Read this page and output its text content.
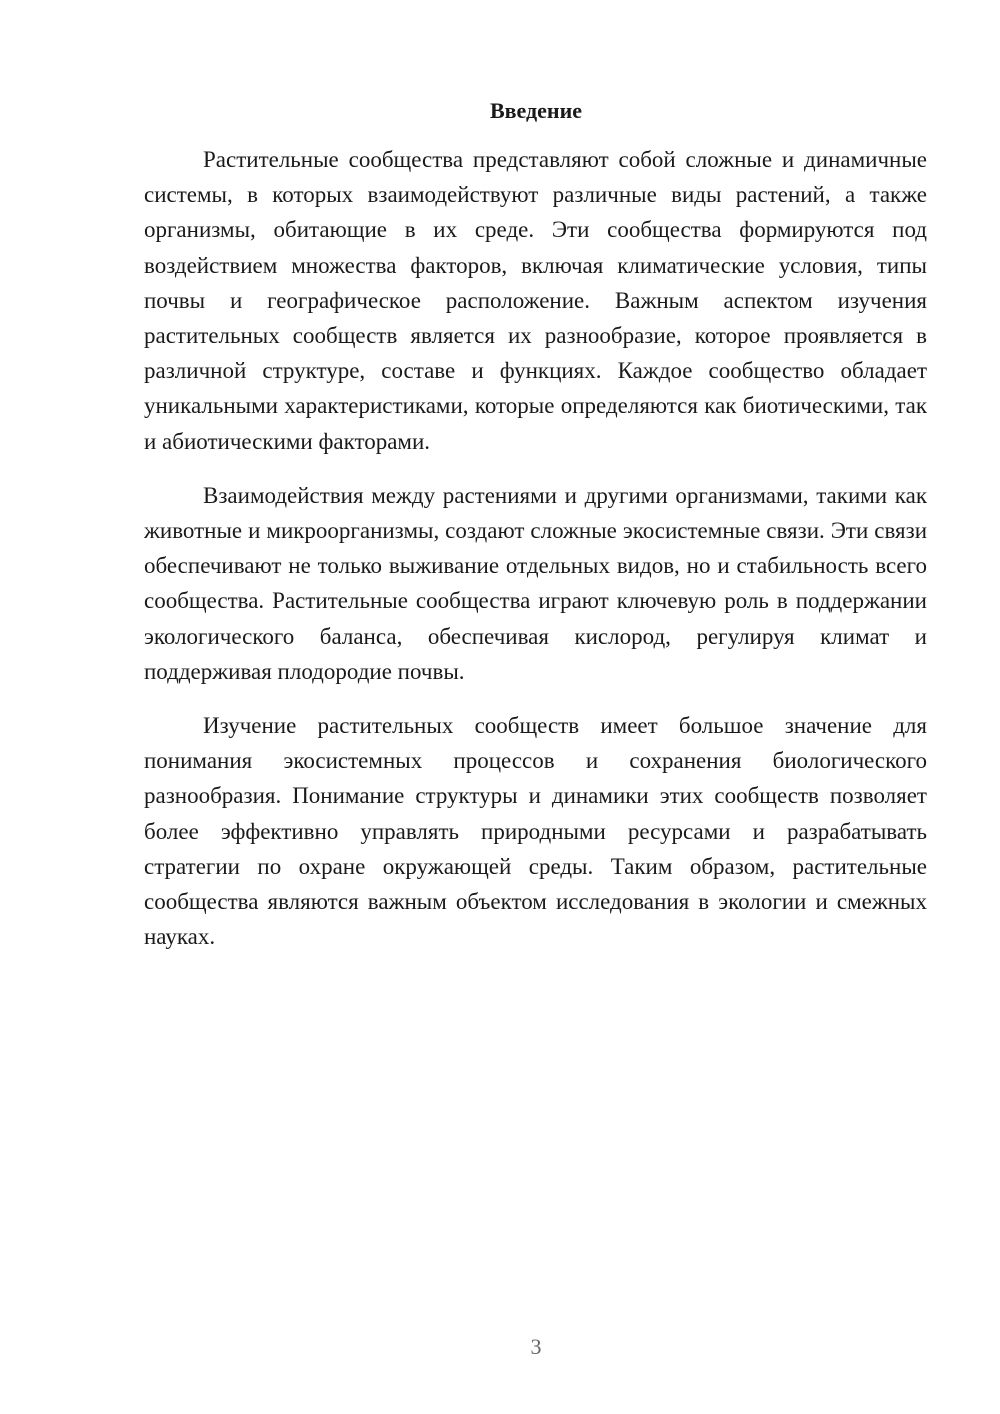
Введение

Растительные сообщества представляют собой сложные и динамичные системы, в которых взаимодействуют различные виды растений, а также организмы, обитающие в их среде. Эти сообщества формируются под воздействием множества факторов, включая климатические условия, типы почвы и географическое расположение. Важным аспектом изучения растительных сообществ является их разнообразие, которое проявляется в различной структуре, составе и функциях. Каждое сообщество обладает уникальными характеристиками, которые определяются как биотическими, так и абиотическими факторами.

Взаимодействия между растениями и другими организмами, такими как животные и микроорганизмы, создают сложные экосистемные связи. Эти связи обеспечивают не только выживание отдельных видов, но и стабильность всего сообщества. Растительные сообщества играют ключевую роль в поддержании экологического баланса, обеспечивая кислород, регулируя климат и поддерживая плодородие почвы.

Изучение растительных сообществ имеет большое значение для понимания экосистемных процессов и сохранения биологического разнообразия. Понимание структуры и динамики этих сообществ позволяет более эффективно управлять природными ресурсами и разрабатывать стратегии по охране окружающей среды. Таким образом, растительные сообщества являются важным объектом исследования в экологии и смежных науках.

3
